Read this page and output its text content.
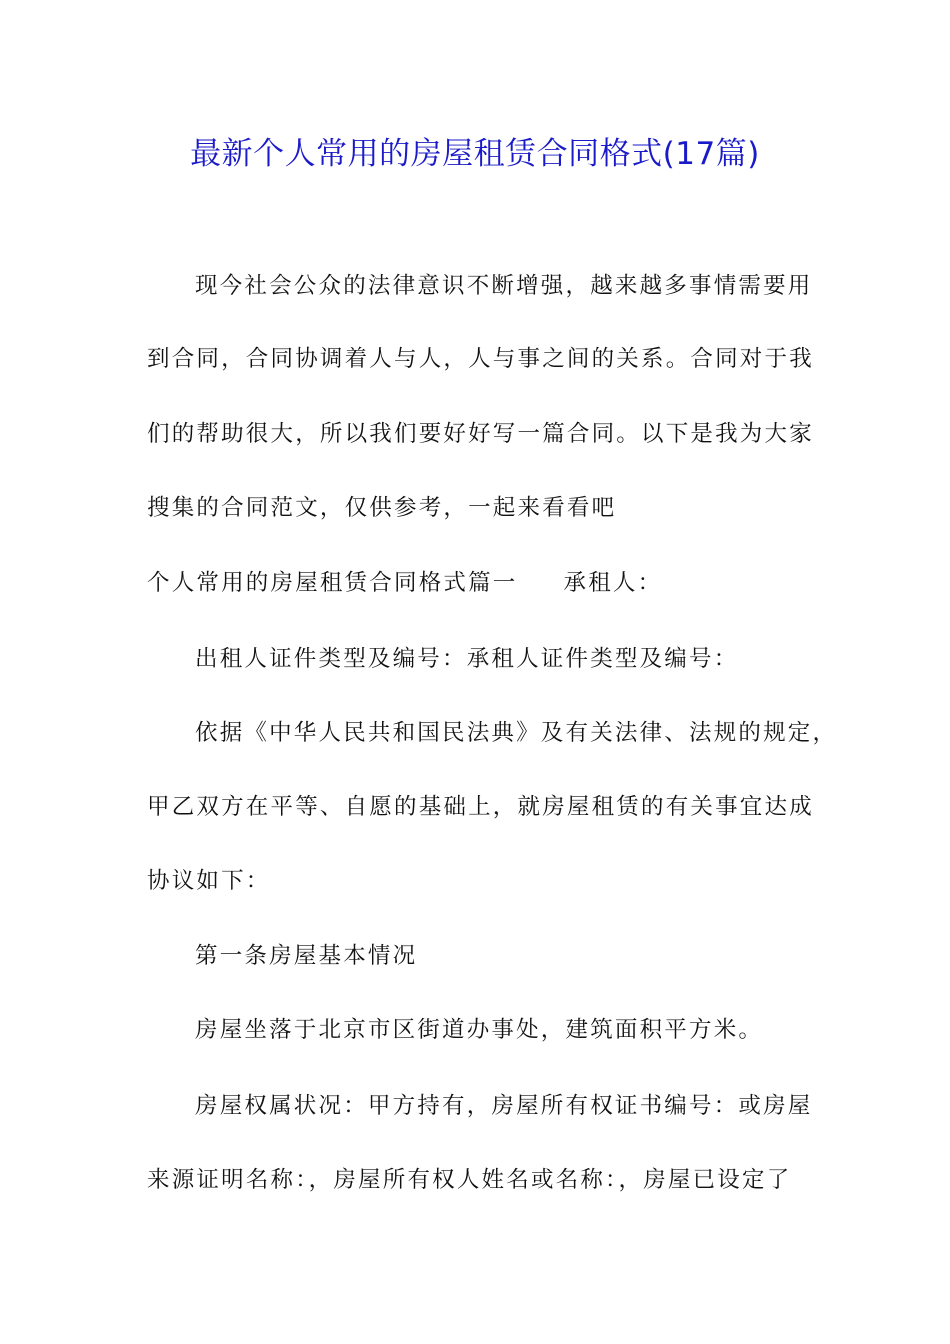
最新个人常用的房屋租赁合同格式(17篇)
现今社会公众的法律意识不断增强，越来越多事情需要用
到合同，合同协调着人与人，人与事之间的关系。合同对于我
们的帮助很大，所以我们要好好写一篇合同。以下是我为大家
搜集的合同范文，仅供参考，一起来看看吧
个人常用的房屋租赁合同格式篇一 承租人：
出租人证件类型及编号：承租人证件类型及编号：
依据《中华人民共和国民法典》及有关法律、法规的规定，
甲乙双方在平等、自愿的基础上，就房屋租赁的有关事宜达成
协议如下：
第一条房屋基本情况
房屋坐落于北京市区街道办事处，建筑面积平方米。
房屋权属状况：甲方持有，房屋所有权证书编号：或房屋
来源证明名称：，房屋所有权人姓名或名称：，房屋已设定了
